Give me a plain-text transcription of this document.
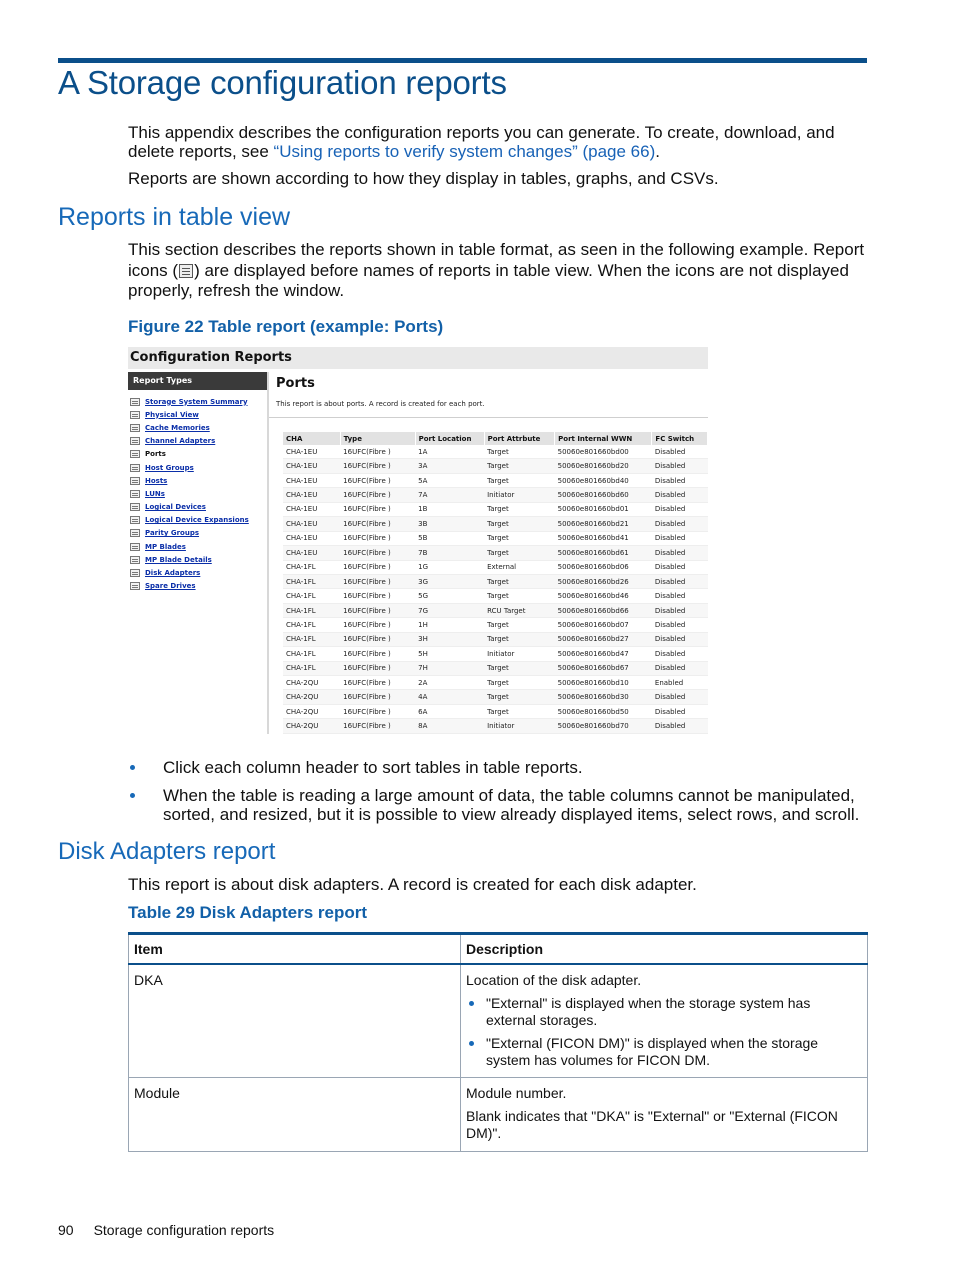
A Storage configuration reports
This appendix describes the configuration reports you can generate. To create, download, and delete reports, see “Using reports to verify system changes” (page 66).
Reports are shown according to how they display in tables, graphs, and CSVs.
Reports in table view
This section describes the reports shown in table format, as seen in the following example. Report icons ( ) are displayed before names of reports in table view. When the icons are not displayed properly, refresh the window.
Figure 22 Table report (example: Ports)
Configuration Reports
Report Types
Storage System Summary
Physical View
Cache Memories
Channel Adapters
Ports
Host Groups
Hosts
LUNs
Logical Devices
Logical Device Expansions
Parity Groups
MP Blades
MP Blade Details
Disk Adapters
Spare Drives
Ports
This report is about ports. A record is created for each port.
CHA	Type	Port Location	Port Attrbute	Port Internal WWN	FC Switch
CHA-1EU	16UFC(Fibre )	1A	Target	50060e801660bd00	Disabled
CHA-1EU	16UFC(Fibre )	3A	Target	50060e801660bd20	Disabled
CHA-1EU	16UFC(Fibre )	5A	Target	50060e801660bd40	Disabled
CHA-1EU	16UFC(Fibre )	7A	Initiator	50060e801660bd60	Disabled
CHA-1EU	16UFC(Fibre )	1B	Target	50060e801660bd01	Disabled
CHA-1EU	16UFC(Fibre )	3B	Target	50060e801660bd21	Disabled
CHA-1EU	16UFC(Fibre )	5B	Target	50060e801660bd41	Disabled
CHA-1EU	16UFC(Fibre )	7B	Target	50060e801660bd61	Disabled
CHA-1FL	16UFC(Fibre )	1G	External	50060e801660bd06	Disabled
CHA-1FL	16UFC(Fibre )	3G	Target	50060e801660bd26	Disabled
CHA-1FL	16UFC(Fibre )	5G	Target	50060e801660bd46	Disabled
CHA-1FL	16UFC(Fibre )	7G	RCU Target	50060e801660bd66	Disabled
CHA-1FL	16UFC(Fibre )	1H	Target	50060e801660bd07	Disabled
CHA-1FL	16UFC(Fibre )	3H	Target	50060e801660bd27	Disabled
CHA-1FL	16UFC(Fibre )	5H	Initiator	50060e801660bd47	Disabled
CHA-1FL	16UFC(Fibre )	7H	Target	50060e801660bd67	Disabled
CHA-2QU	16UFC(Fibre )	2A	Target	50060e801660bd10	Enabled
CHA-2QU	16UFC(Fibre )	4A	Target	50060e801660bd30	Disabled
CHA-2QU	16UFC(Fibre )	6A	Target	50060e801660bd50	Disabled
CHA-2QU	16UFC(Fibre )	8A	Initiator	50060e801660bd70	Disabled
Click each column header to sort tables in table reports.
When the table is reading a large amount of data, the table columns cannot be manipulated, sorted, and resized, but it is possible to view already displayed items, select rows, and scroll.
Disk Adapters report
This report is about disk adapters. A record is created for each disk adapter.
Table 29 Disk Adapters report
Item	Description
DKA	Location of the disk adapter.
"External" is displayed when the storage system has external storages.
"External (FICON DM)" is displayed when the storage system has volumes for FICON DM.

Module	Module number.
Blank indicates that "DKA" is "External" or "External (FICON DM)".
90 Storage configuration reports
